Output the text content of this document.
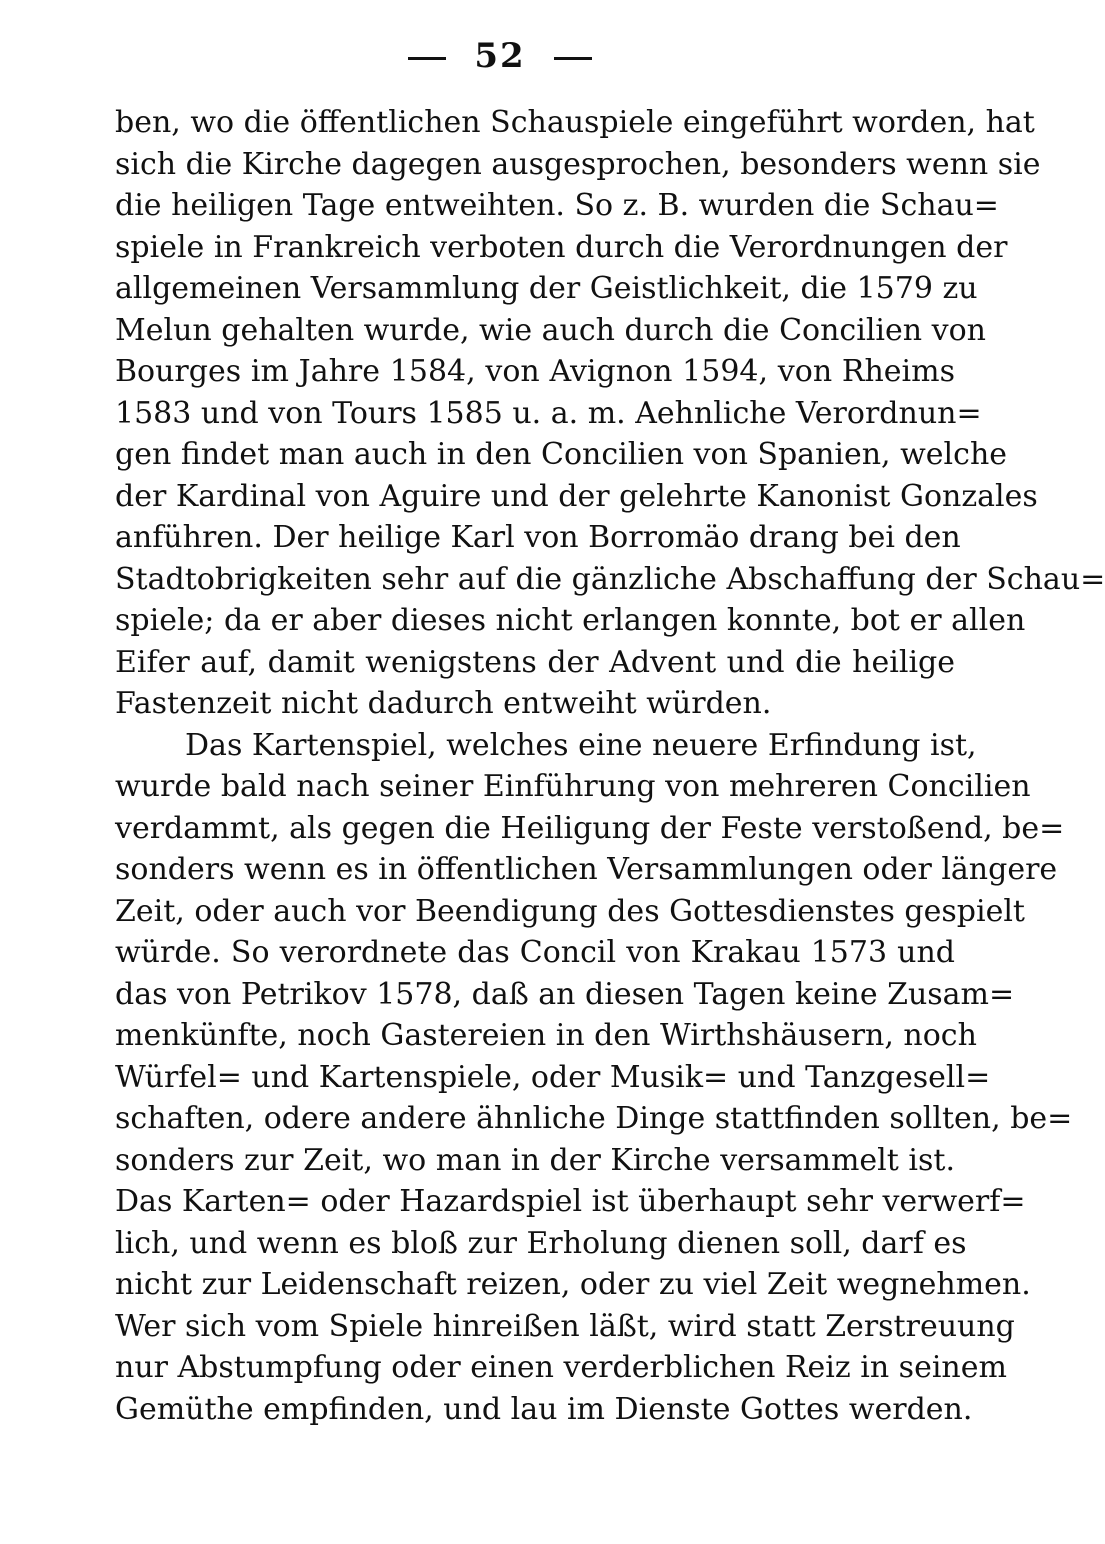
52
ben, wo die öffentlichen Schauspiele eingeführt worden, hat
sich die Kirche dagegen ausgesprochen, besonders wenn sie
die heiligen Tage entweihten. So z. B. wurden die Schau=
spiele in Frankreich verboten durch die Verordnungen der
allgemeinen Versammlung der Geistlichkeit, die 1579 zu
Melun gehalten wurde, wie auch durch die Concilien von
Bourges im Jahre 1584, von Avignon 1594, von Rheims
1583 und von Tours 1585 u. a. m. Aehnliche Verordnun=
gen findet man auch in den Concilien von Spanien, welche
der Kardinal von Aguire und der gelehrte Kanonist Gonzales
anführen. Der heilige Karl von Borromäo drang bei den
Stadtobrigkeiten sehr auf die gänzliche Abschaffung der Schau=
spiele; da er aber dieses nicht erlangen konnte, bot er allen
Eifer auf, damit wenigstens der Advent und die heilige
Fastenzeit nicht dadurch entweiht würden.
Das Kartenspiel, welches eine neuere Erfindung ist,
wurde bald nach seiner Einführung von mehreren Concilien
verdammt, als gegen die Heiligung der Feste verstoßend, be=
sonders wenn es in öffentlichen Versammlungen oder längere
Zeit, oder auch vor Beendigung des Gottesdienstes gespielt
würde. So verordnete das Concil von Krakau 1573 und
das von Petrikov 1578, daß an diesen Tagen keine Zusam=
menkünfte, noch Gastereien in den Wirthshäusern, noch
Würfel= und Kartenspiele, oder Musik= und Tanzgesell=
schaften, odere andere ähnliche Dinge stattfinden sollten, be=
sonders zur Zeit, wo man in der Kirche versammelt ist.
Das Karten= oder Hazardspiel ist überhaupt sehr verwerf=
lich, und wenn es bloß zur Erholung dienen soll, darf es
nicht zur Leidenschaft reizen, oder zu viel Zeit wegnehmen.
Wer sich vom Spiele hinreißen läßt, wird statt Zerstreuung
nur Abstumpfung oder einen verderblichen Reiz in seinem
Gemüthe empfinden, und lau im Dienste Gottes werden.
